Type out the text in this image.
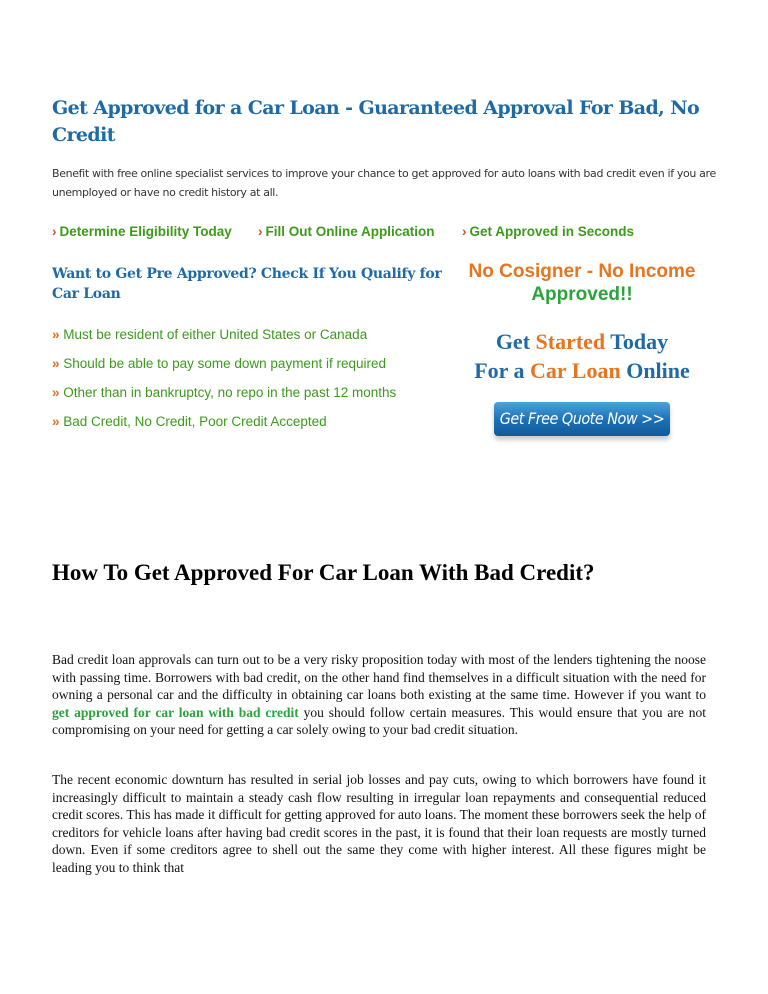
Get Approved for a Car Loan - Guaranteed Approval For Bad, No Credit
Benefit with free online specialist services to improve your chance to get approved for auto loans with bad credit even if you are unemployed or have no credit history at all.
› Determine Eligibility Today › Fill Out Online Application › Get Approved in Seconds
Want to Get Pre Approved? Check If You Qualify for Car Loan
» Must be resident of either United States or Canada
» Should be able to pay some down payment if required
» Other than in bankruptcy, no repo in the past 12 months
» Bad Credit, No Credit, Poor Credit Accepted
No Cosigner - No Income
Approved!!
Get Started Today
For a Car Loan Online
Get Free Quote Now >>
How To Get Approved For Car Loan With Bad Credit?
Bad credit loan approvals can turn out to be a very risky proposition today with most of the lenders tightening the noose with passing time. Borrowers with bad credit, on the other hand find themselves in a difficult situation with the need for owning a personal car and the difficulty in obtaining car loans both existing at the same time. However if you want to get approved for car loan with bad credit you should follow certain measures. This would ensure that you are not compromising on your need for getting a car solely owing to your bad credit situation.
The recent economic downturn has resulted in serial job losses and pay cuts, owing to which borrowers have found it increasingly difficult to maintain a steady cash flow resulting in irregular loan repayments and consequential reduced credit scores. This has made it difficult for getting approved for auto loans. The moment these borrowers seek the help of creditors for vehicle loans after having bad credit scores in the past, it is found that their loan requests are mostly turned down. Even if some creditors agree to shell out the same they come with higher interest. All these figures might be leading you to think that
